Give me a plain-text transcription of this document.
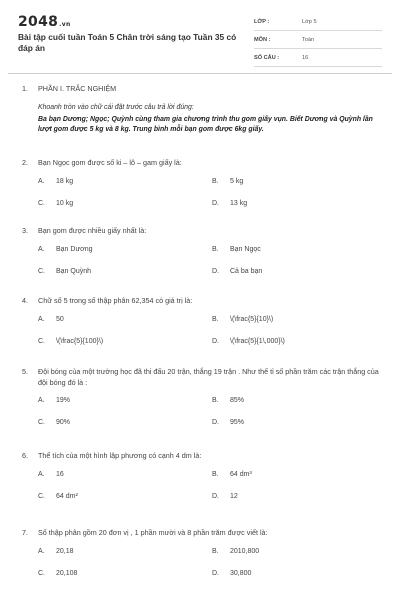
2048.vn
Bài tập cuối tuần Toán 5 Chân trời sáng tạo Tuần 35 có đáp án
LỚP :	Lớp 5
MÔN :	Toán
SỐ CÂU :	16
1. PHẦN I. TRẮC NGHIỆM
Khoanh tròn vào chữ cái đặt trước câu trả lời đúng:
Ba bạn Dương; Ngọc; Quỳnh cùng tham gia chương trình thu gom giấy vụn. Biết Dương và Quỳnh lần lượt gom được 5 kg và 8 kg. Trung bình mỗi bạn gom được 6kg giấy.
2. Bạn Ngọc gom được số ki – lô – gam giấy là:
A. 18 kg	B. 5 kg
C. 10 kg	D. 13 kg
3. Bạn gom được nhiều giấy nhất là:
A. Bạn Dương	B. Bạn Ngọc
C. Bạn Quỳnh	D. Cả ba bạn
4. Chữ số 5 trong số thập phân 62,354 có giá trị là:
A. 50	B. \(\frac{5}{10}\)
C. \(\frac{5}{100}\)	D. \(\frac{5}{1\,000}\)
5. Đội bóng của một trường học đã thi đấu 20 trận, thắng 19 trận . Như thế tỉ số phần trăm các trận thắng của đội bóng đó là :
A. 19%	B. 85%
C. 90%	D. 95%
6. Thể tích của một hình lập phương có cạnh 4 dm là:
A. 16	B. 64 dm³
C. 64 dm²	D. 12
7. Số thập phân gồm 20 đơn vị , 1 phần mười và 8 phần trăm được viết là:
A. 20,18	B. 2010,800
C. 20,108	D. 30,800
